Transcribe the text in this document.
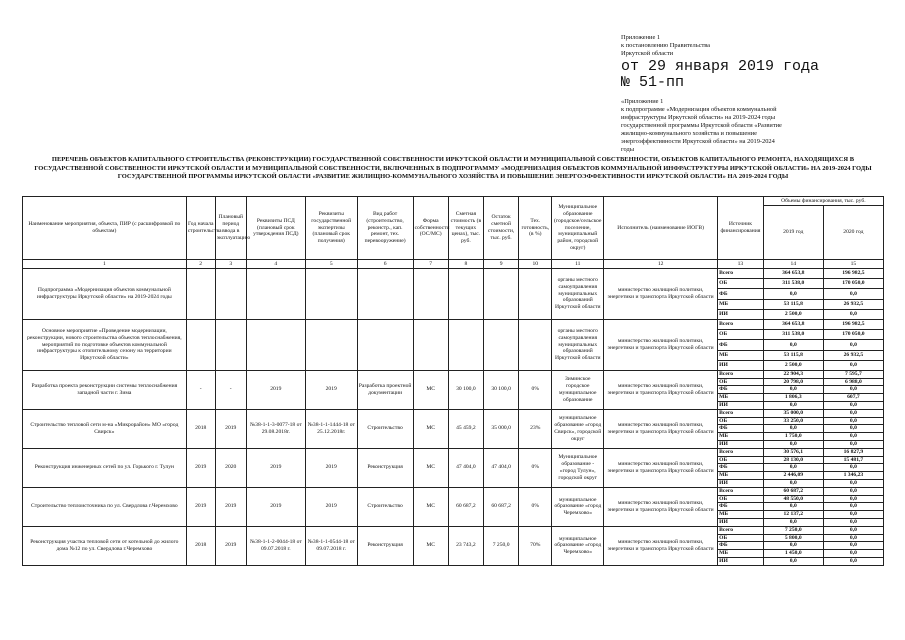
Приложение 1
к постановлению Правительства
Иркутской области
от 29 января 2019 года
№ 51-пп
«Приложение 1
к подпрограмме «Модернизация объектов коммунальной
инфраструктуры Иркутской области» на 2019-2024 годы
государственной программы Иркутской области «Развитие
жилищно-коммунального хозяйства и повышение
энергоэффективности Иркутской области» на 2019-2024
годы
ПЕРЕЧЕНЬ ОБЪЕКТОВ КАПИТАЛЬНОГО СТРОИТЕЛЬСТВА (РЕКОНСТРУКЦИИ) ГОСУДАРСТВЕННОЙ СОБСТВЕННОСТИ ИРКУТСКОЙ ОБЛАСТИ И МУНИЦИПАЛЬНОЙ СОБСТВЕННОСТИ, ОБЪЕКТОВ КАПИТАЛЬНОГО РЕМОНТА, НАХОДЯЩИХСЯ В ГОСУДАРСТВЕННОЙ СОБСТВЕННОСТИ ИРКУТСКОЙ ОБЛАСТИ И МУНИЦИПАЛЬНОЙ СОБСТВЕННОСТИ, ВКЛЮЧЕННЫХ В ПОДПРОГРАММУ «МОДЕРНИЗАЦИЯ ОБЪЕКТОВ КОММУНАЛЬНОЙ ИНФРАСТРУКТУРЫ ИРКУТСКОЙ ОБЛАСТИ» НА 2019-2024 ГОДЫ ГОСУДАРСТВЕННОЙ ПРОГРАММЫ ИРКУТСКОЙ ОБЛАСТИ «РАЗВИТИЕ ЖИЛИЩНО-КОММУНАЛЬНОГО ХОЗЯЙСТВА И ПОВЫШЕНИЕ ЭНЕРГОЭФФЕКТИВНОСТИ ИРКУТСКОЙ ОБЛАСТИ» НА 2019-2024 ГОДЫ
Наименование мероприятия, объекта, ПИР (с расшифровкой по объектам)	Год начала строительства	Плановый период ввода в эксплуатацию	Реквизиты ПСД (плановый срок утверждения ПСД)	Реквизиты государственной экспертизы (плановый срок получения)	Вид работ (строительство, реконстр., кап. ремонт, тех. перевооружение)	Форма собственности (ОС/МС)	Сметная стоимость (в текущих ценах), тыс. руб.	Остаток сметной стоимости, тыс. руб.	Тех. готовность, (в %)	Муниципальное образование (городское/сельское поселение, муниципальный район, городской округ)	Исполнитель (наименование ИОГВ)	Источник финансирования	Объемы финансирования, тыс. руб.	
													2019 год	2020 год
1	2	3	4	5	6	7	8	9	10	11	12	13	14	15
Подпрограмма «Модернизация объектов коммунальной инфраструктуры Иркутской области» на 2019-2024 годы										органы местного самоуправления муниципальных образований Иркутской области	министерство жилищной политики, энергетики и транспорта Иркутской области	Всего	364 653,8	196 982,5
												ОБ	311 538,0	170 050,0
												ФБ	0,0	0,0
												МБ	53 115,8	26 932,5
												ИИ	2 500,0	0,0
Основное мероприятие «Проведение модернизации, реконструкции, нового строительства объектов теплоснабжения, мероприятий по подготовке объектов коммунальной инфраструктуры к отопительному сезону на территории Иркутской области»										органы местного самоуправления муниципальных образований Иркутской области	министерство жилищной политики, энергетики и транспорта Иркутской области	Всего	364 653,8	196 982,5
												ОБ	311 538,0	170 050,0
												ФБ	0,0	0,0
												МБ	53 115,8	26 932,5
												ИИ	2 500,0	0,0
Разработка проекта реконструкции системы теплоснабжения западной части г. Зима	-	-	2019	2019	Разработка проектной документации	МС	30 100,0	30 100,0	0%	Зиминское городское муниципальное образование	министерство жилищной политики, энергетики и транспорта Иркутской области	Всего	22 904,3	7 595,7
												ОБ	20 798,0	6 988,0
												ФБ	0,0	0,0
												МБ	1 806,3	607,7
												ИИ	0,0	0,0
Строительство тепловой сети м-на «Микрорайон» МО «город Свирск»	2018	2019	№38-1-1-3-0077-18 от 29.08.2018г.	№38-1-1-1444-18 от 25.12.2018г.	Строительство	МС	45 459,2	35 000,0	23%	муниципальное образование «город Свирск», городской округ	министерство жилищной политики, энергетики и транспорта Иркутской области	Всего	35 000,0	0,0
												ОБ	33 250,0	0,0
												ФБ	0,0	0,0
												МБ	1 750,0	0,0
												ИИ	0,0	0,0
Реконструкция инженерных сетей по ул. Горького г. Тулун	2019	2020	2019	2019	Реконструкция	МС	47 404,0	47 404,0	0%	Муниципальное образование - «город Тулун», городской округ	министерство жилищной политики, энергетики и транспорта Иркутской области	Всего	30 576,1	16 827,9
												ОБ	28 130,0	15 481,7
												ФБ	0,0	0,0
												МБ	2 446,09	1 346,23
												ИИ	0,0	0,0
Строительство теплоисточника по ул. Свердлова г.Черемхово	2019	2019	2019	2019	Строительство	МС	60 687,2	60 687,2	0%	муниципальное образование «город Черемхово»	министерство жилищной политики, энергетики и транспорта Иркутской области	Всего	60 687,2	0,0
												ОБ	48 550,0	0,0
												ФБ	0,0	0,0
												МБ	12 137,2	0,0
												ИИ	0,0	0,0
Реконструкция участка тепловой сети от котельной до жилого дома №12 по ул. Свердлова г.Черемхово	2018	2019	№38-1-1-2-0044-18 от 09.07.2018 г.	№38-1-1-0544-18 от 09.07.2018 г.	Реконструкция	МС	23 743,2	7 250,0	70%	муниципальное образование «город Черемхово»	министерство жилищной политики, энергетики и транспорта Иркутской области	Всего	7 250,0	0,0
												ОБ	5 800,0	0,0
												ФБ	0,0	0,0
												МБ	1 450,0	0,0
												ИИ	0,0	0,0
